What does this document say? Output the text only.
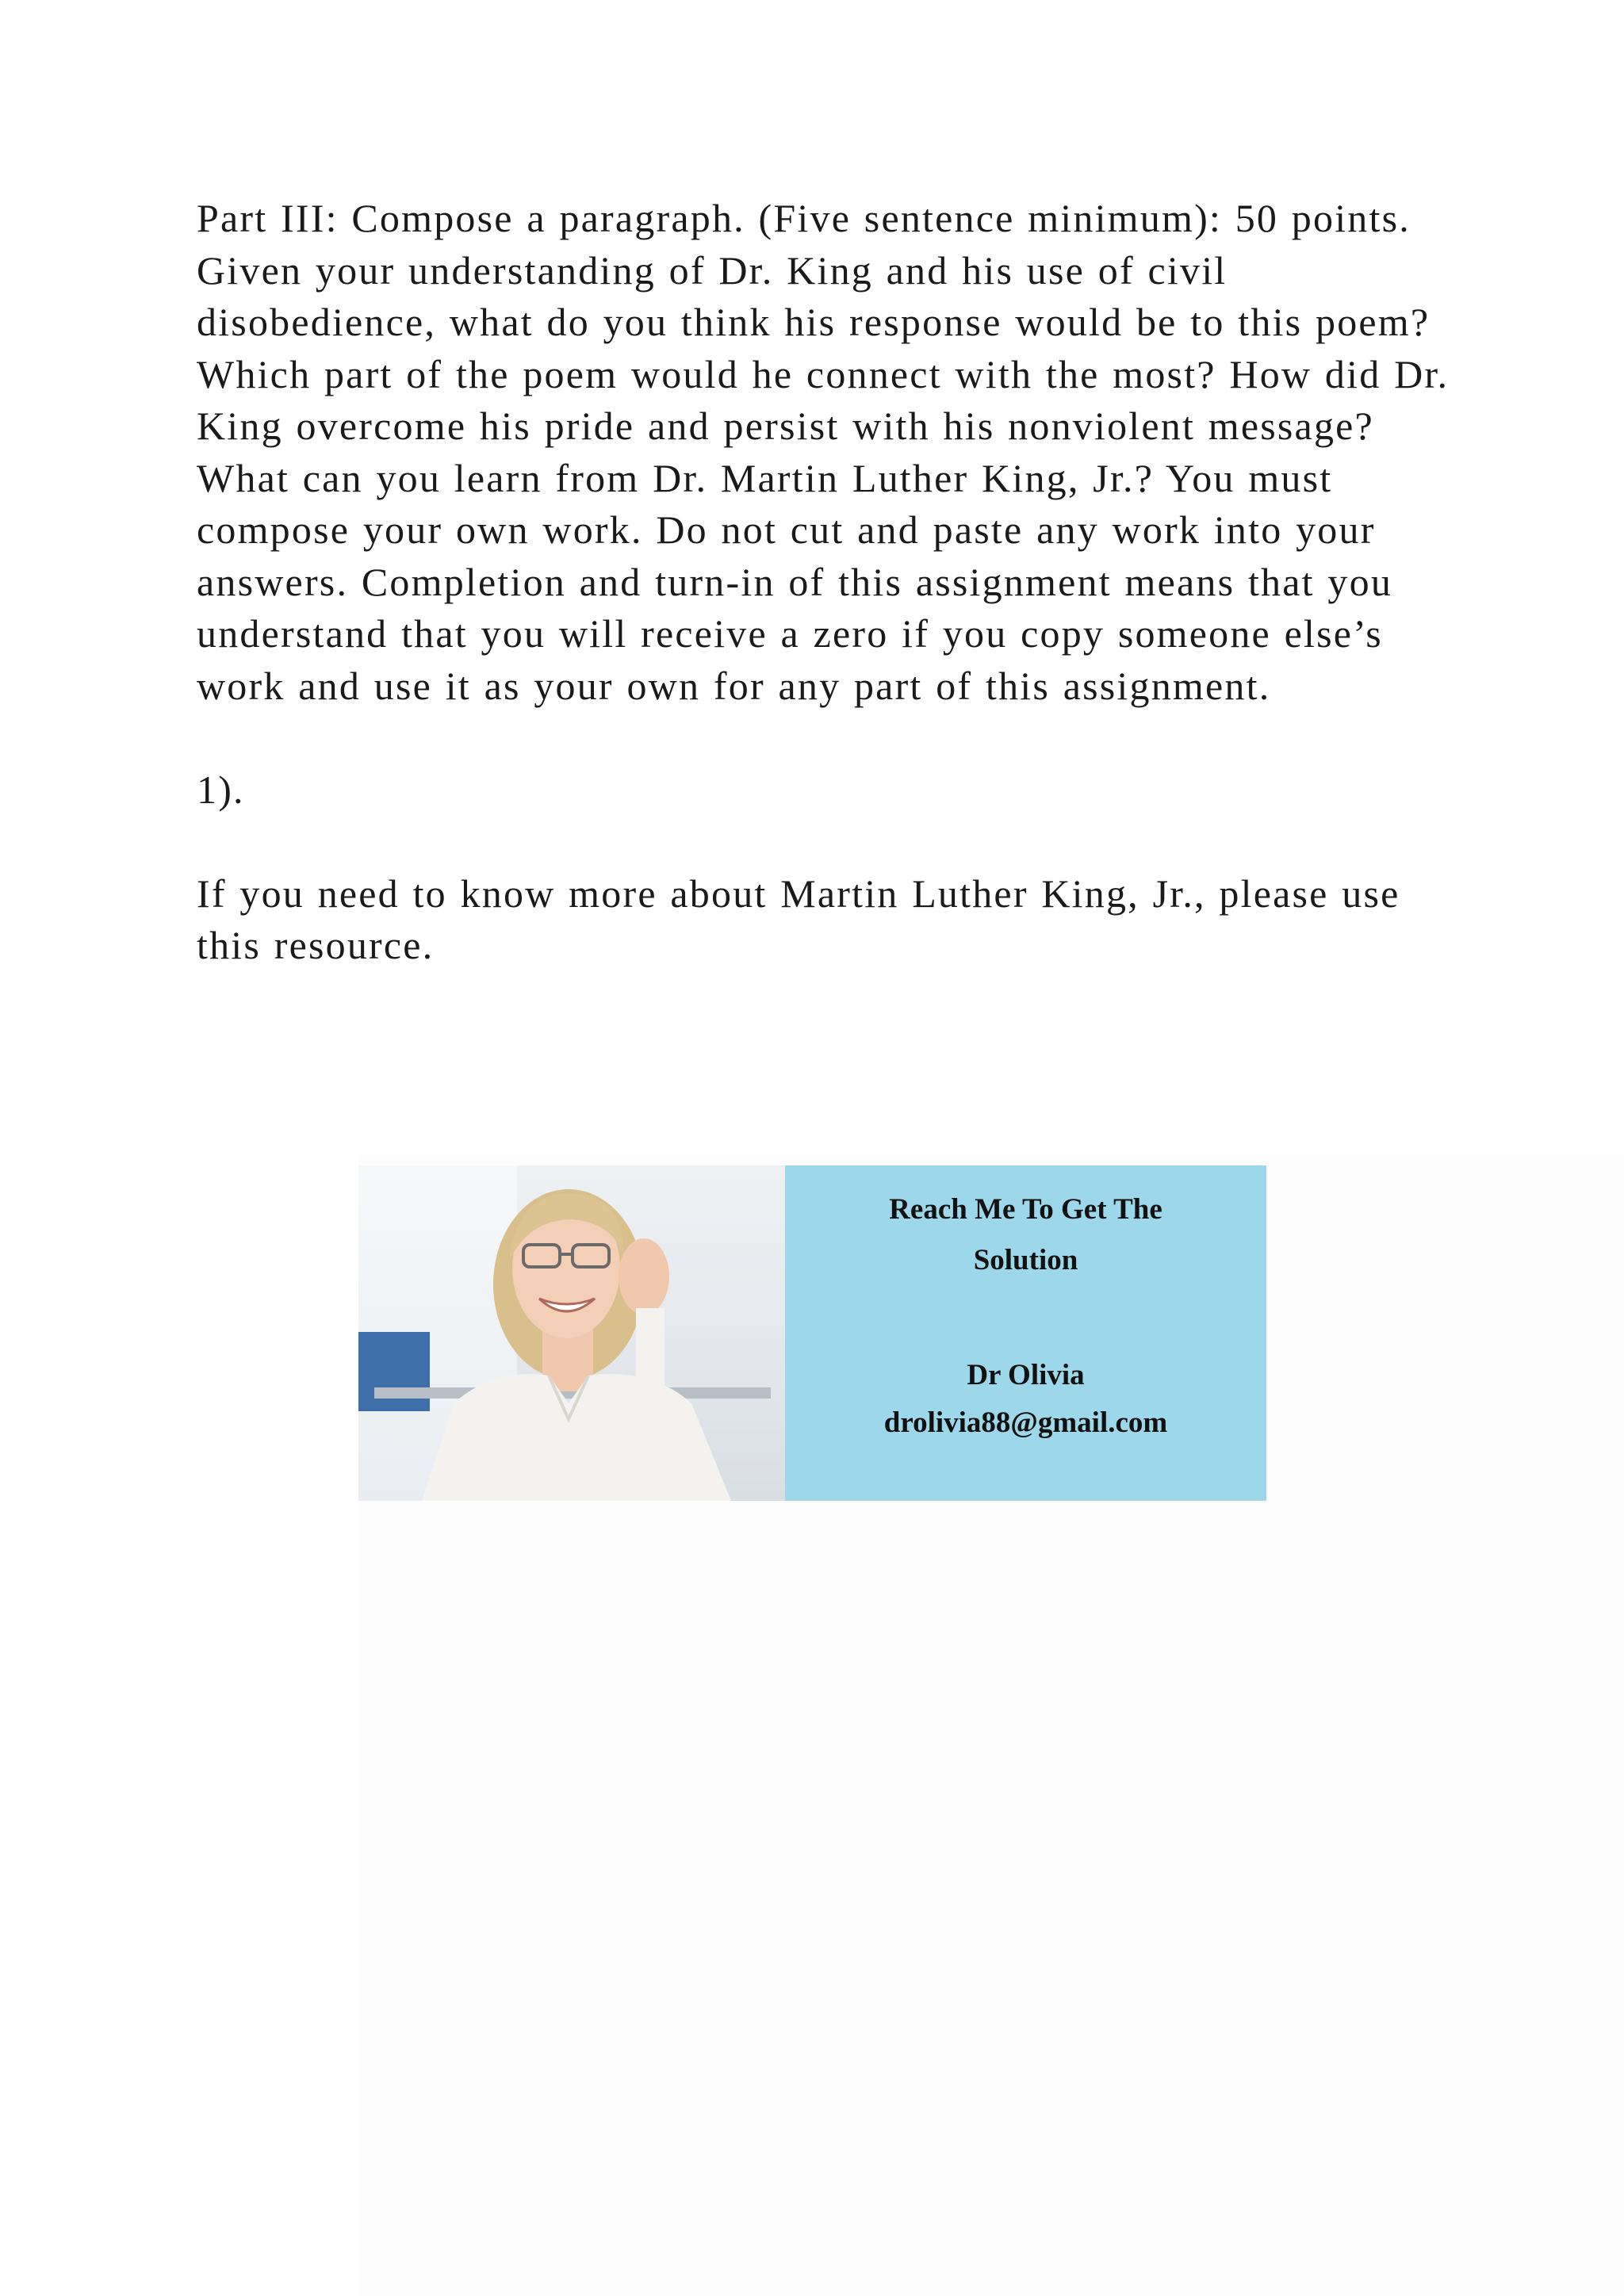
Part III: Compose a paragraph. (Five sentence minimum): 50 points.

Given your understanding of Dr. King and his use of civil disobedience, what do you think his response would be to this poem? Which part of the poem would he connect with the most? How did Dr. King overcome his pride and persist with his nonviolent message? What can you learn from Dr. Martin Luther King, Jr.? You must compose your own work. Do not cut and paste any work into your answers. Completion and turn-in of this assignment means that you understand that you will receive a zero if you copy someone else’s work and use it as your own for any part of this assignment.

1).

If you need to know more about Martin Luther King, Jr., please use this resource.

Reach Me To Get The
Solution
Dr Olivia
drolivia88@gmail.com
